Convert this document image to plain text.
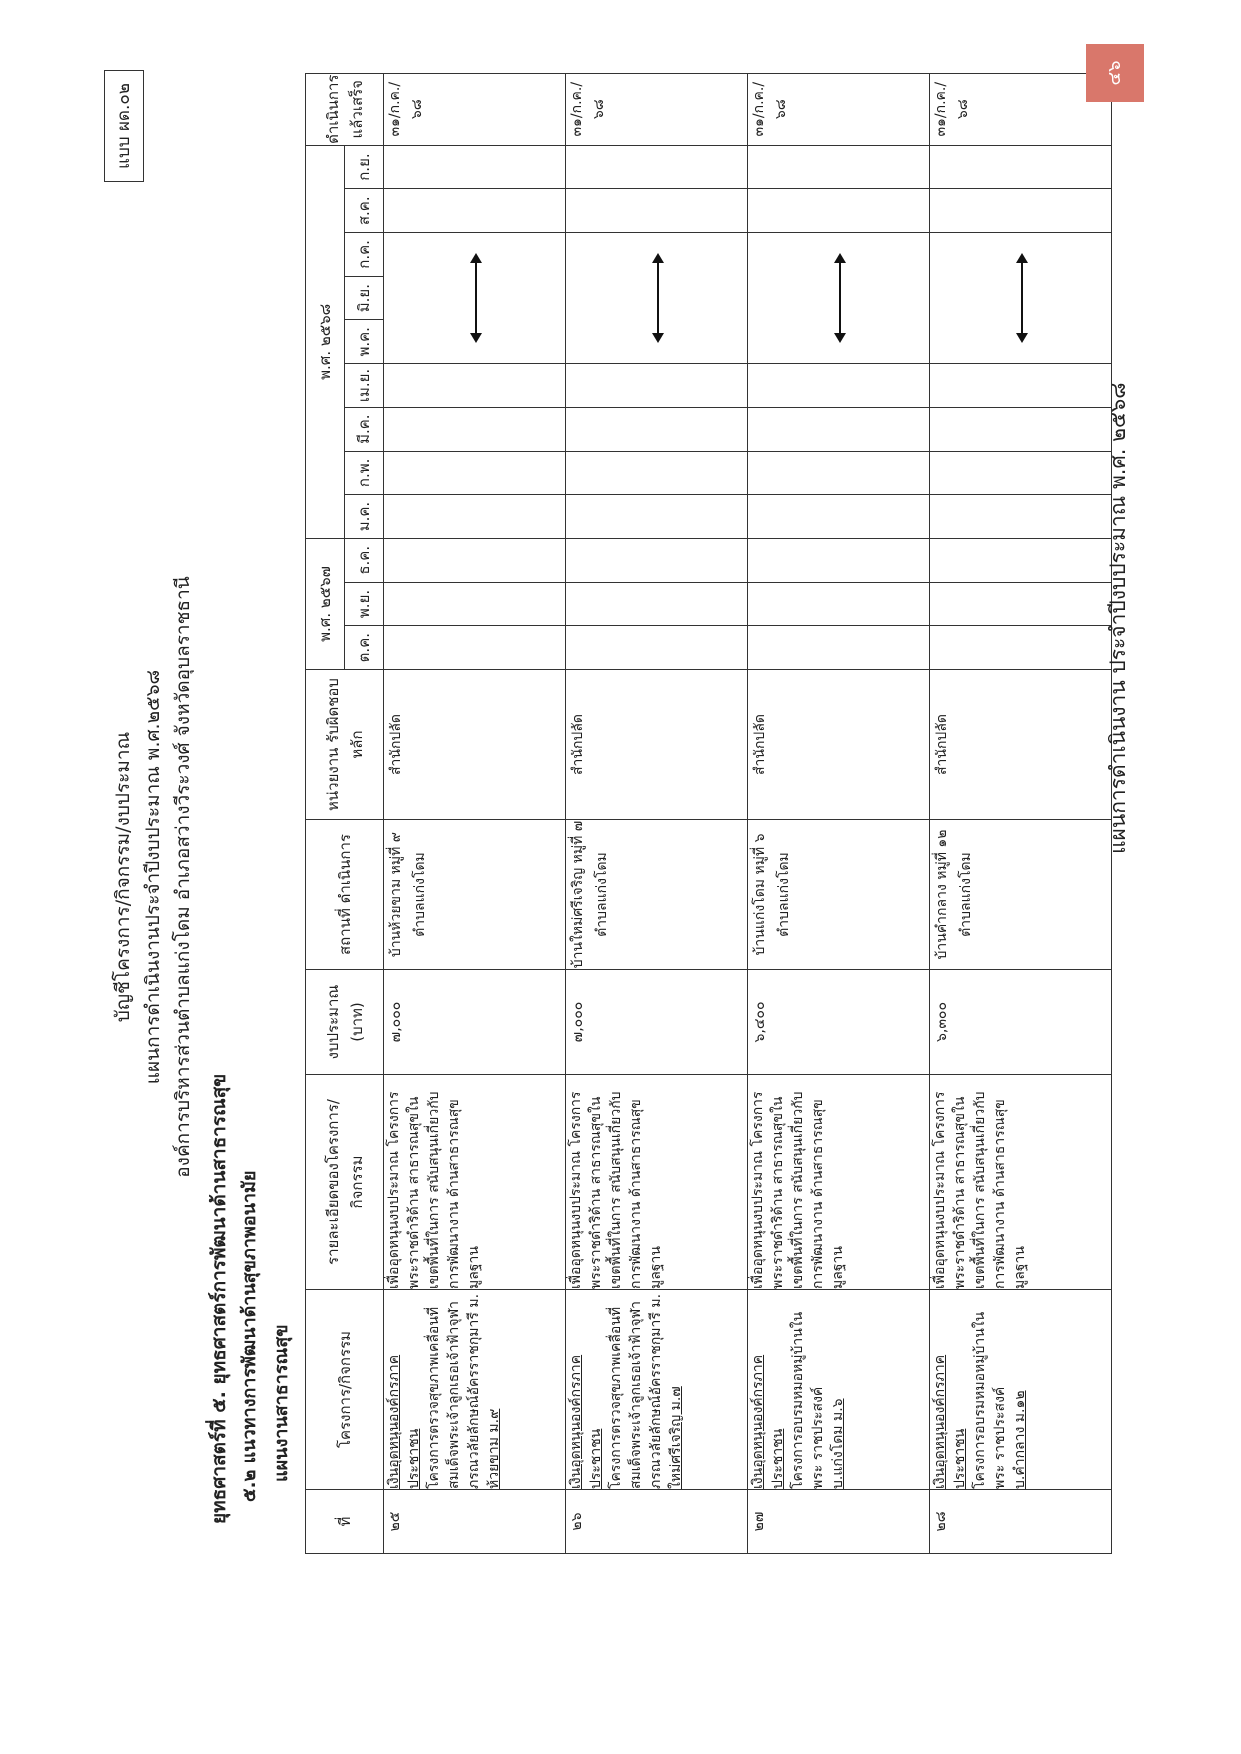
แบบ ผด.๐๒
บัญชีโครงการ/กิจกรรม/งบประมาณ แผนการดำเนินงานประจำปีงบประมาณ พ.ศ.๒๕๖๘ องค์การบริหารส่วนตำบลแก่งโดม อำเภอสว่างวีระวงศ์ จังหวัดอุบลราชธานี
ยุทธศาสตร์ที่ ๕. ยุทธศาสตร์การพัฒนาด้านสาธารณสุข ๕.๒ แนวทางการพัฒนาด้านสุขภาพอนามัย แผนงานสาธารณสุข
ที่	โครงการ/กิจกรรม	รายละเอียดของโครงการ/ กิจกรรม	งบประมาณ (บาท)	สถานที่ ดำเนินการ	หน่วยงาน รับผิดชอบหลัก	พ.ศ. ๒๕๖๗			พ.ศ. ๒๕๖๘									ดำเนินการ แล้วเสร็จ
						ต.ค.	พ.ย.	ธ.ค.	ม.ค.	ก.พ.	มี.ค.	เม.ย.	พ.ค.	มิ.ย.	ก.ค.	ส.ค.	ก.ย.	
๒๕	เงินอุดหนุนองค์กรภาค ประชาชน โครงการตรวจสุขภาพเคลื่อนที่ สมเด็จพระเจ้าลูกเธอเจ้าฟ้าจุฬา ภรณวลัยลักษณ์อัครราชกุมารี ม. ห้วยขาม ม.๙	เพื่ออุดหนุนงบประมาณ โครงการพระราชดำริด้าน สาธารณสุขในเขตพื้นที่ในการ สนับสนุนเกี่ยวกับการพัฒนางาน ด้านสาธารณสุขมูลฐาน	๗,๐๐๐	บ้านห้วยขาม หมู่ที่ ๙ ตำบลแก่งโดม	สำนักปลัด													๓๑/ก.ค./๖๘
๒๖	เงินอุดหนุนองค์กรภาค ประชาชน โครงการตรวจสุขภาพเคลื่อนที่ สมเด็จพระเจ้าลูกเธอเจ้าฟ้าจุฬา ภรณวลัยลักษณ์อัครราชกุมารี ม. ใหม่ศรีเจริญ ม.๗	เพื่ออุดหนุนงบประมาณ โครงการพระราชดำริด้าน สาธารณสุขในเขตพื้นที่ในการ สนับสนุนเกี่ยวกับการพัฒนางาน ด้านสาธารณสุขมูลฐาน	๗,๐๐๐	บ้านใหม่ศรีเจริญ หมู่ที่ ๗ ตำบลแก่งโดม	สำนักปลัด													๓๑/ก.ค./๖๘
๒๗	เงินอุดหนุนองค์กรภาค ประชาชน โครงการอบรมหมอหมู่บ้านในพระ ราชประสงค์ บ.แก่งโดม ม.๖	เพื่ออุดหนุนงบประมาณ โครงการพระราชดำริด้าน สาธารณสุขในเขตพื้นที่ในการ สนับสนุนเกี่ยวกับการพัฒนางาน ด้านสาธารณสุขมูลฐาน	๖,๔๐๐	บ้านแก่งโดม หมู่ที่ ๖ ตำบลแก่งโดม	สำนักปลัด													๓๑/ก.ค./๖๘
๒๘	เงินอุดหนุนองค์กรภาค ประชาชน โครงการอบรมหมอหมู่บ้านในพระ ราชประสงค์ บ.คำกลาง ม.๑๒	เพื่ออุดหนุนงบประมาณ โครงการพระราชดำริด้าน สาธารณสุขในเขตพื้นที่ในการ สนับสนุนเกี่ยวกับการพัฒนางาน ด้านสาธารณสุขมูลฐาน	๖,๓๐๐	บ้านคำกลาง หมู่ที่ ๑๒ ตำบลแก่งโดม	สำนักปลัด													๓๑/ก.ค./๖๘
แผนการดำเนินงาน ประจำปีงบประมาณ พ.ศ. ๒๕๖๘
๔๖
